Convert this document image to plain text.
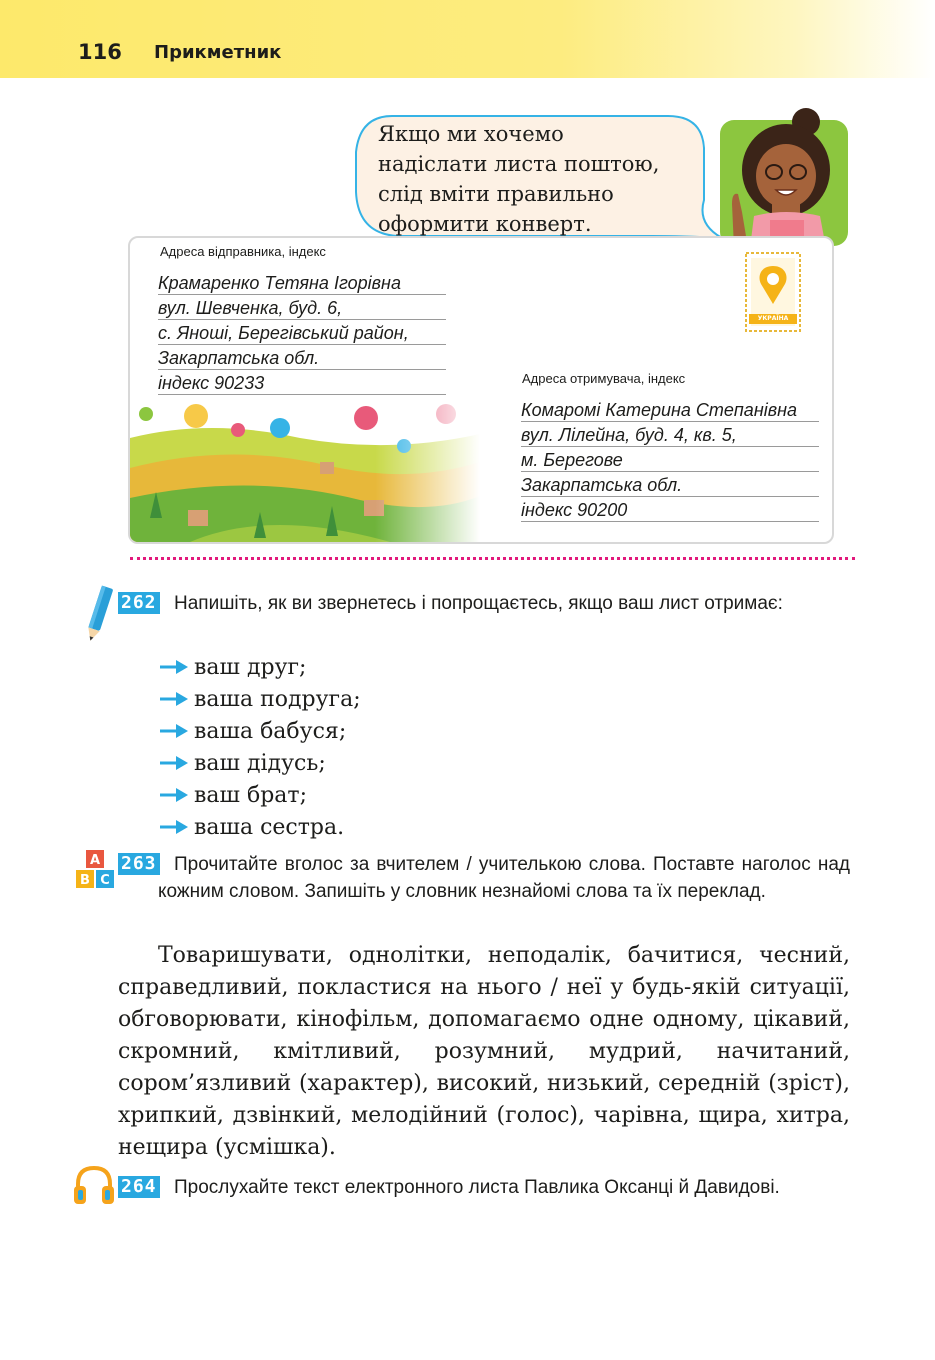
116 Прикметник
Якщо ми хочемо
надіслати листа поштою,
слід вміти правильно
оформити конверт.
Адреса відправника, індекс
Крамаренко Тетяна Ігорівна
вул. Шевченка, буд. 6,
с. Яноші, Берегівський район,
Закарпатська обл.
індекс 90233	Адреса отримувача, індекс
Комаромі Катерина Степанівна
вул. Лілейна, буд. 4, кв. 5,
м. Берегове
Закарпатська обл.
індекс 90200
УКРАЇНА
262 Напишіть, як ви звернетесь і попрощаєтесь, якщо ваш лист отримає:
ваш друг;
ваша подруга;
ваша бабуся;
ваш дідусь;
ваш брат;
ваша сестра.
A
B C
263 Прочитайте вголос за вчителем / учителькою слова. Поставте наголос над кожним словом. Запишіть у словник незнайомі слова та їх переклад.

Товаришувати, однолітки, неподалік, бачитися, чесний, справедливий, покластися на нього / неї у будь-якій ситуації, обговорювати, кінофільм, допомагаємо одне одному, цікавий, скромний, кмітливий, розумний, мудрий, начитаний, сором’язливий (характер), високий, низький, середній (зріст), хрипкий, дзвінкий, мелодійний (голос), чарівна, щира, хитра, нещира (усмішка).

264 Прослухайте текст електронного листа Павлика Оксанці й Давидові.
